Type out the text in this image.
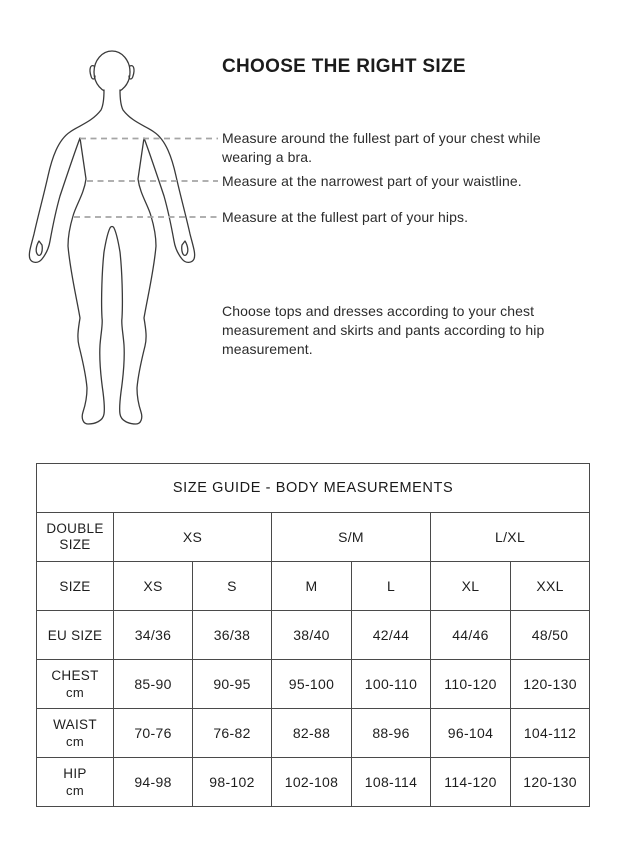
CHOOSE THE RIGHT SIZE

Measure around the fullest part of your chest while wearing a bra.

Measure at the narrowest part of your waistline.

Measure at the fullest part of your hips.

Choose tops and dresses according to your chest measurement and skirts and pants according to hip measurement.

SIZE GUIDE - BODY MEASUREMENTS						
DOUBLE SIZE	XS		S/M		L/XL	
SIZE	XS	S	M	L	XL	XXL
EU SIZE	34/36	36/38	38/40	42/44	44/46	48/50

CHEST
cm	85-90	90-95	95-100	100-110	110-120	120-130

WAIST
cm	70-76	76-82	82-88	88-96	96-104	104-112

HIP
cm	94-98	98-102	102-108	108-114	114-120	120-130
